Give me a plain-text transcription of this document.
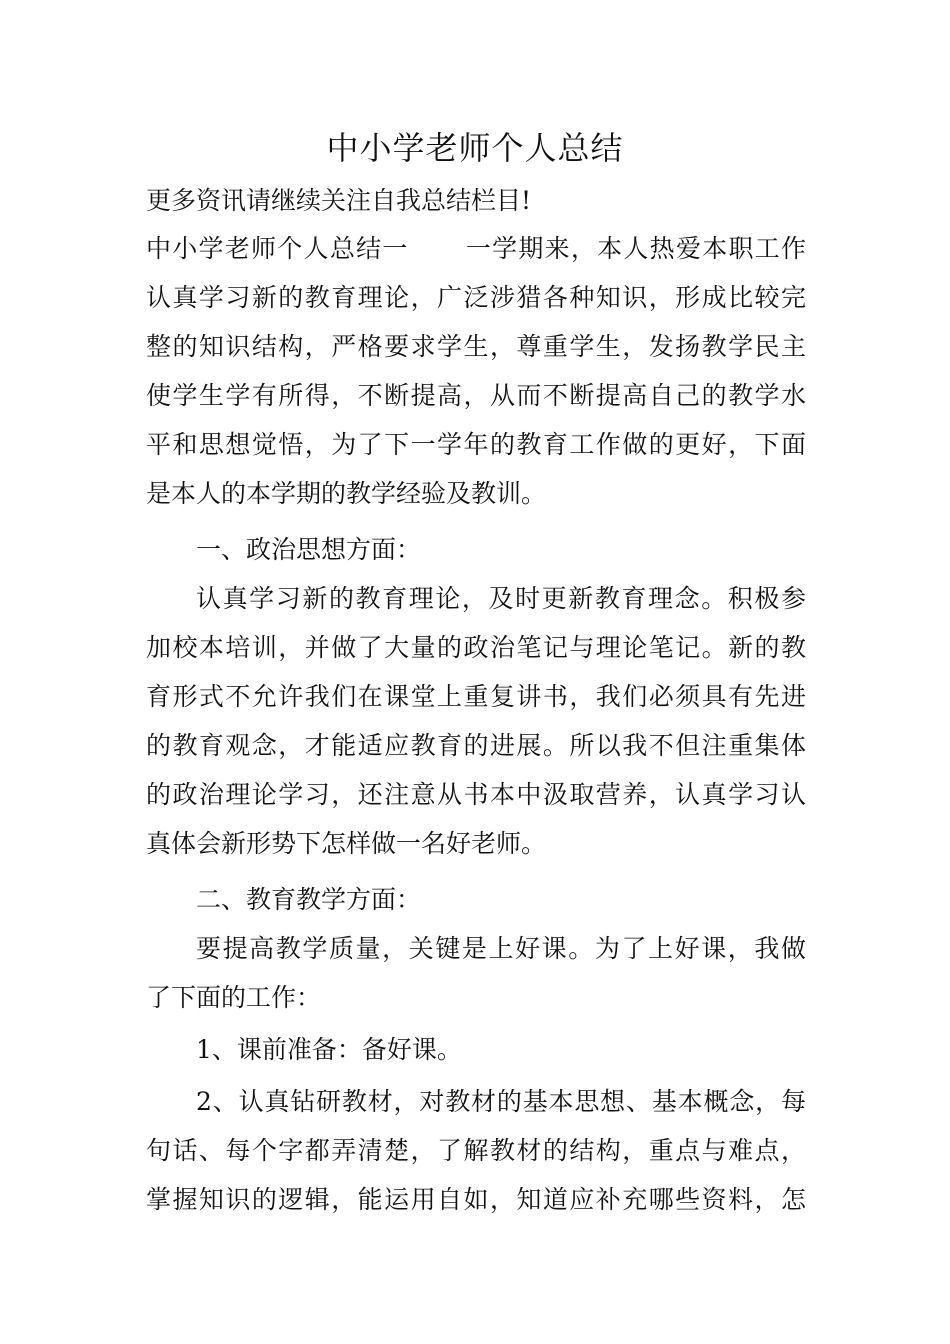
中小学老师个人总结
更多资讯请继续关注自我总结栏目!
中小学老师个人总结一 一学期来，本人热爱本职工作
认真学习新的教育理论，广泛涉猎各种知识，形成比较完
整的知识结构，严格要求学生，尊重学生，发扬教学民主
使学生学有所得，不断提高，从而不断提高自己的教学水
平和思想觉悟，为了下一学年的教育工作做的更好，下面
是本人的本学期的教学经验及教训。
一、政治思想方面：
认真学习新的教育理论，及时更新教育理念。积极参
加校本培训，并做了大量的政治笔记与理论笔记。新的教
育形式不允许我们在课堂上重复讲书，我们必须具有先进
的教育观念，才能适应教育的进展。所以我不但注重集体
的政治理论学习，还注意从书本中汲取营养，认真学习认
真体会新形势下怎样做一名好老师。
二、教育教学方面：
要提高教学质量，关键是上好课。为了上好课，我做
了下面的工作：
1、课前准备：备好课。
2、认真钻研教材，对教材的基本思想、基本概念，每
句话、每个字都弄清楚，了解教材的结构，重点与难点，
掌握知识的逻辑，能运用自如，知道应补充哪些资料，怎
